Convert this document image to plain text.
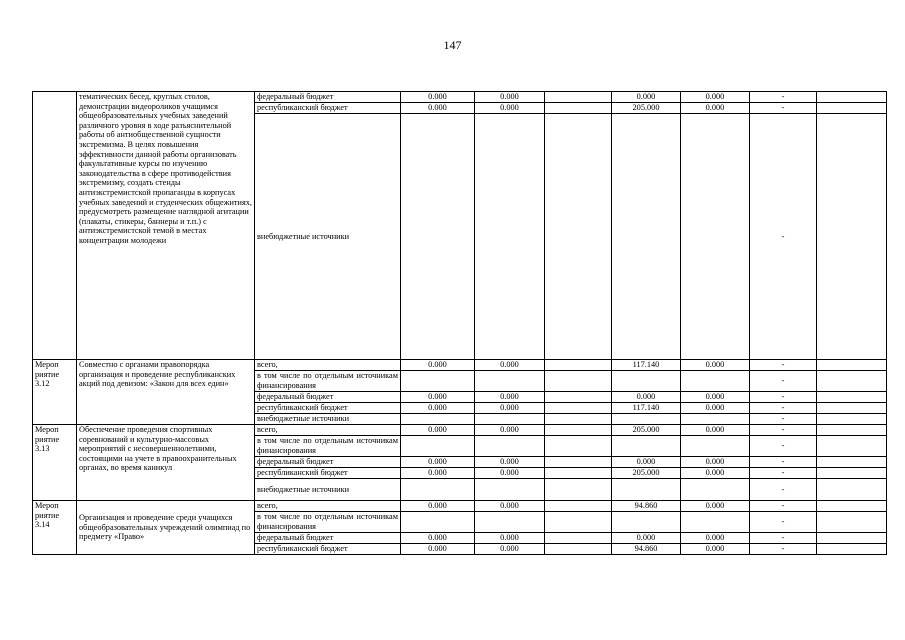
147
	тематических бесед, круглых столов, демонстрации видеороликов учащимся общеобразовательных учебных заведений различного уровня в ходе разъяснительной работы об антиобщественной сущности экстремизма. В целях повышения эффективности данной работы организовать факультативные курсы по изучению законодательства в сфере противодействия экстремизму, создать стенды антиэкстремистской пропаганды в корпусах учебных заведений и студенческих общежитиях, предусмотреть размещение наглядной агитации (плакаты, стикеры, баннеры и т.п.) с антиэкстремистской темой в местах концентрации молодежи	федеральный бюджет	0.000	0.000		0.000	0.000	-	
		республиканский бюджет	0.000	0.000		205.000	0.000	-	
		внебюджетные источники						-	
Мероп риятие 3.12	Совместно с органами правопорядка организация и проведение республиканских акций под девизом: «Закон для всех един»	всего,	0.000	0.000		117.140	0.000	-	
		в том числе по отдельным источникам финансирования						-	
		федеральный бюджет	0.000	0.000		0.000	0.000	-	
		республиканский бюджет	0.000	0.000		117.140	0.000	-	
		внебюджетные источники						-	
Мероп риятие 3.13	Обеспечение проведения спортивных соревнований и культурно-массовых мероприятий с несовершеннолетними, состоящими на учете в правоохранительных органах, во время каникул	всего,	0.000	0.000		205.000	0.000	-	
		в том числе по отдельным источникам финансирования						-	
		федеральный бюджет	0.000	0.000		0.000	0.000	-	
		республиканский бюджет	0.000	0.000		205.000	0.000	-	
		внебюджетные источники						-	
Мероп риятие 3.14	Организация и проведение среди учащихся общеобразовательных учреждений олимпиад по предмету «Право»	всего,	0.000	0.000		94.860	0.000	-	
		в том числе по отдельным источникам финансирования						-	
		федеральный бюджет	0.000	0.000		0.000	0.000	-	
		республиканский бюджет	0.000	0.000		94.860	0.000	-	
